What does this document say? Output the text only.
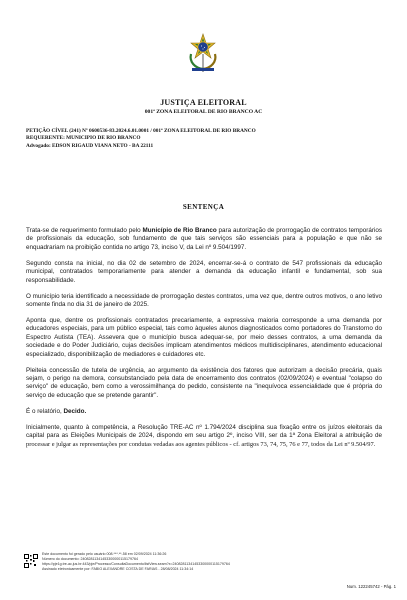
JUSTIÇA ELEITORAL
001ª ZONA ELEITORAL DE RIO BRANCO AC
PETIÇÃO CÍVEL (241) Nº 0600536-83.2024.6.01.0001 / 001ª ZONA ELEITORAL DE RIO BRANCO
REQUERENTE: MUNICIPIO DE RIO BRANCO
Advogado: EDSON RIGAUD VIANA NETO - BA 22111
SENTENÇA

Trata-se de requerimento formulado pelo Município de Rio Branco para autorização de prorrogação de contratos temporários de profissionais da educação, sob fundamento de que tais serviços são essenciais para a população e que não se enquadrariam na proibição contida no artigo 73, inciso V, da Lei nº 9.504/1997.

Segundo consta na inicial, no dia 02 de setembro de 2024, encerrar-se-á o contrato de 547 profissionais da educação municipal, contratados temporariamente para atender a demanda da educação infantil e fundamental, sob sua responsabilidade.

O município teria identificado a necessidade de prorrogação destes contratos, uma vez que, dentre outros motivos, o ano letivo somente finda no dia 31 de janeiro de 2025.

Aponta que, dentre os profissionais contratados precariamente, a expressiva maioria corresponde a uma demanda por educadores especiais, para um público especial, tais como àqueles alunos diagnosticados como portadores do Transtorno do Espectro Autista (TEA). Assevera que o município busca adequar-se, por meio desses contratos, a uma demanda da sociedade e do Poder Judiciário, cujas decisões implicam atendimentos médicos multidisciplinares, atendimento educacional especializado, disponibilização de mediadores e cuidadores etc.

Pleiteia concessão de tutela de urgência, ao argumento da existência dos fatores que autorizam a decisão precária, quais sejam, o perigo na demora, consubstanciado pela data de encerramento dos contratos (02/09/2024) e eventual "colapso do serviço" de educação, bem como a verossimilhança do pedido, consistente na "inequívoca essencialidade que é própria do serviço de educação que se pretende garantir".

É o relatório, Decido.

Inicialmente, quanto à competência, a Resolução TRE-AC nº 1.794/2024 disciplina sua fixação entre os juízos eleitorais da capital para as Eleições Municipais de 2024, dispondo em seu artigo 2º, inciso VIII, ser da 1ª Zona Eleitoral a atribuição de processar e julgar as representações por condutas vedadas aos agentes públicos - cf. artigos 73, 74, 75, 76 e 77, todos da Lei nº 9.504/97.

Este documento foi gerado pelo usuário 008.***.**-58 em 02/09/2024 11:36:26
Número do documento: 24082811341453300000115179764
https://pje1g.tre-ac.jus.br:443/pje/Processo/ConsultaDocumento/listView.seam?x=24082811341453300000115179764
Assinado eletronicamente por: FABIO ALEXANDRE COSTA DE FARIAS - 28/08/2024 11:34:14
Num. 122245742 - Pág. 1
